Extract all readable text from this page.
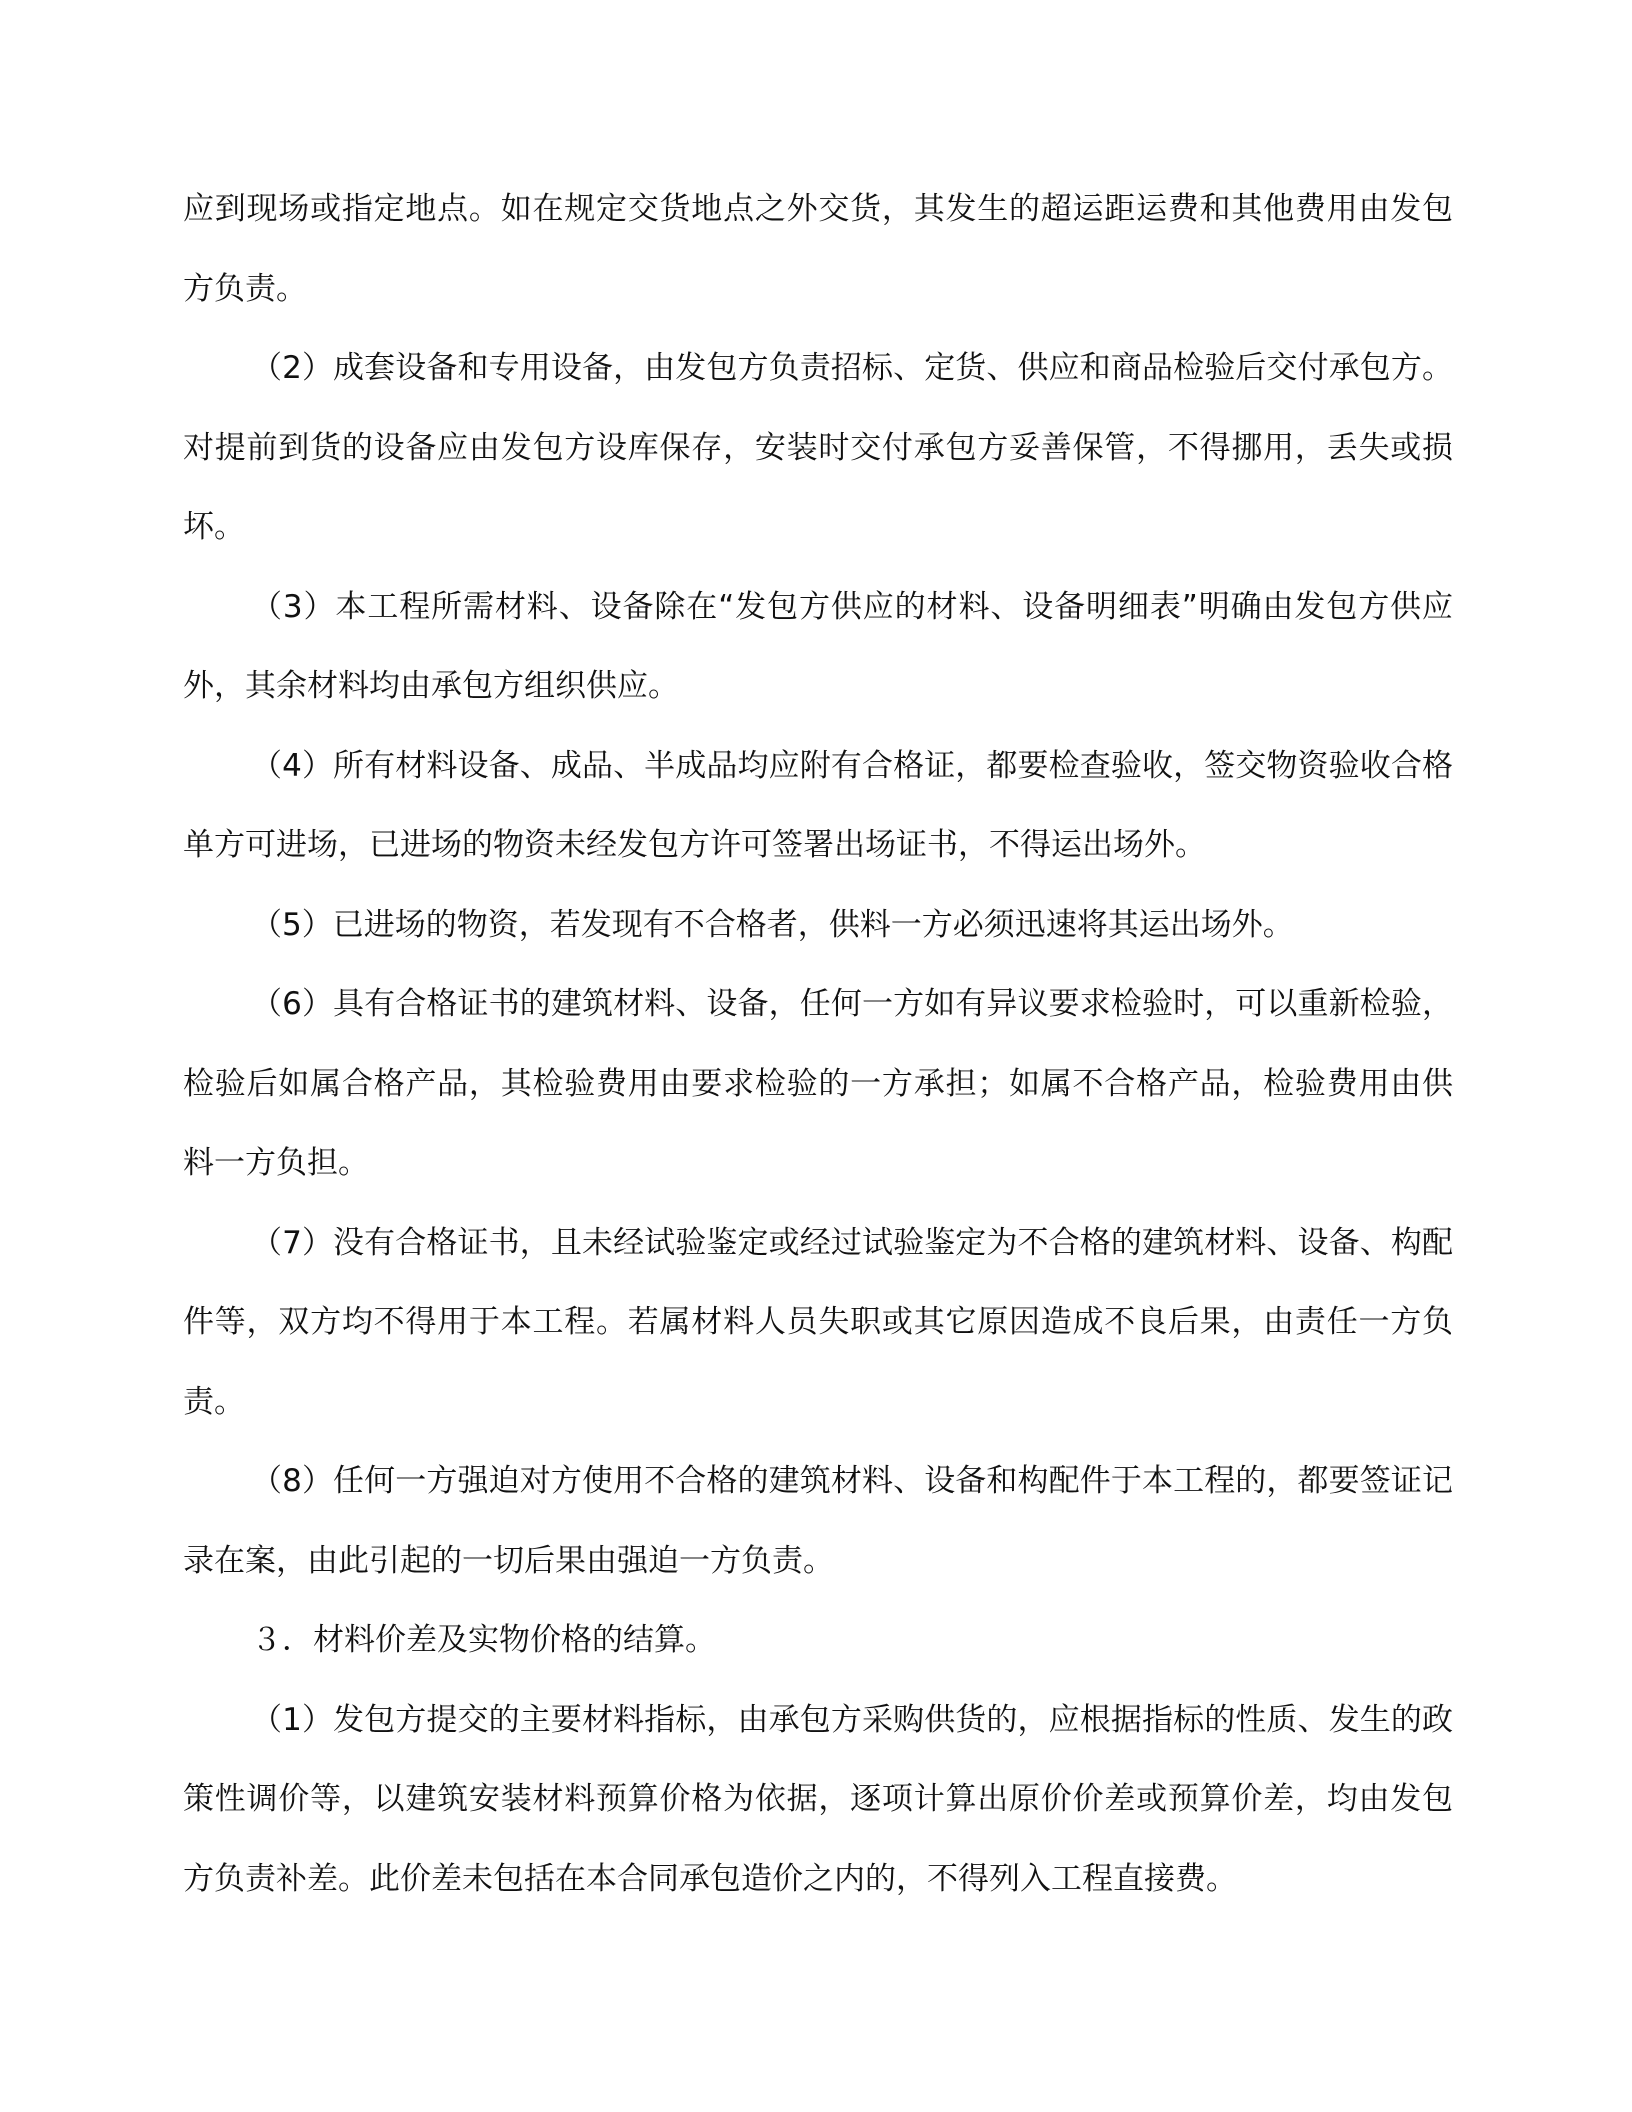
应到现场或指定地点。如在规定交货地点之外交货，其发生的超运距运费和其他费用由发包方负责。

（2）成套设备和专用设备，由发包方负责招标、定货、供应和商品检验后交付承包方。对提前到货的设备应由发包方设库保存，安装时交付承包方妥善保管，不得挪用，丢失或损坏。

（3）本工程所需材料、设备除在“发包方供应的材料、设备明细表”明确由发包方供应外，其余材料均由承包方组织供应。

（4）所有材料设备、成品、半成品均应附有合格证，都要检查验收，签交物资验收合格单方可进场，已进场的物资未经发包方许可签署出场证书，不得运出场外。

（5）已进场的物资，若发现有不合格者，供料一方必须迅速将其运出场外。

（6）具有合格证书的建筑材料、设备，任何一方如有异议要求检验时，可以重新检验，检验后如属合格产品，其检验费用由要求检验的一方承担；如属不合格产品，检验费用由供料一方负担。

（7）没有合格证书，且未经试验鉴定或经过试验鉴定为不合格的建筑材料、设备、构配件等，双方均不得用于本工程。若属材料人员失职或其它原因造成不良后果，由责任一方负责。

（8）任何一方强迫对方使用不合格的建筑材料、设备和构配件于本工程的，都要签证记录在案，由此引起的一切后果由强迫一方负责。

３．材料价差及实物价格的结算。

（1）发包方提交的主要材料指标，由承包方采购供货的，应根据指标的性质、发生的政策性调价等，以建筑安装材料预算价格为依据，逐项计算出原价价差或预算价差，均由发包方负责补差。此价差未包括在本合同承包造价之内的，不得列入工程直接费。
